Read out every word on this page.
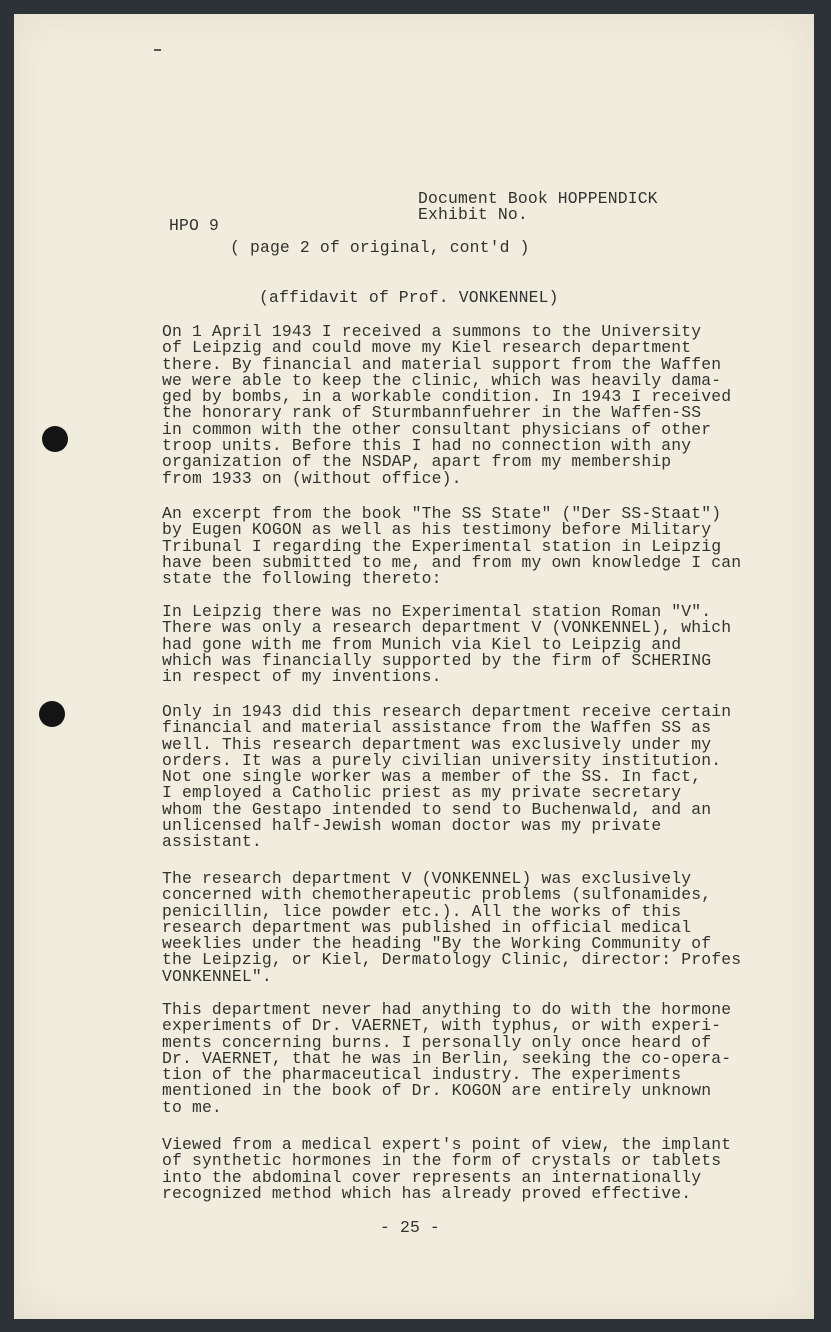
Document Book HOPPENDICK
Exhibit No.
HPO 9
( page 2 of original, cont'd )
(affidavit of Prof. VONKENNEL)
On 1 April 1943 I received a summons to the University
of Leipzig and could move my Kiel research department
there. By financial and material support from the Waffen
we were able to keep the clinic, which was heavily dama-
ged by bombs, in a workable condition. In 1943 I received
the honorary rank of Sturmbannfuehrer in the Waffen-SS
in common with the other consultant physicians of other
troop units. Before this I had no connection with any
organization of the NSDAP, apart from my membership
from 1933 on (without office).
An excerpt from the book "The SS State" ("Der SS-Staat")
by Eugen KOGON as well as his testimony before Military
Tribunal I regarding the Experimental station in Leipzig
have been submitted to me, and from my own knowledge I can
state the following thereto:
In Leipzig there was no Experimental station Roman "V".
There was only a research department V (VONKENNEL), which
had gone with me from Munich via Kiel to Leipzig and
which was financially supported by the firm of SCHERING
in respect of my inventions.
Only in 1943 did this research department receive certain
financial and material assistance from the Waffen SS as
well. This research department was exclusively under my
orders. It was a purely civilian university institution.
Not one single worker was a member of the SS. In fact,
I employed a Catholic priest as my private secretary
whom the Gestapo intended to send to Buchenwald, and an
unlicensed half-Jewish woman doctor was my private
assistant.
The research department V (VONKENNEL) was exclusively
concerned with chemotherapeutic problems (sulfonamides,
penicillin, lice powder etc.). All the works of this
research department was published in official medical
weeklies under the heading "By the Working Community of
the Leipzig, or Kiel, Dermatology Clinic, director: Profes
VONKENNEL".
This department never had anything to do with the hormone
experiments of Dr. VAERNET, with typhus, or with experi-
ments concerning burns. I personally only once heard of
Dr. VAERNET, that he was in Berlin, seeking the co-opera-
tion of the pharmaceutical industry. The experiments
mentioned in the book of Dr. KOGON are entirely unknown
to me.
Viewed from a medical expert's point of view, the implant
of synthetic hormones in the form of crystals or tablets
into the abdominal cover represents an internationally
recognized method which has already proved effective.
- 25 -
